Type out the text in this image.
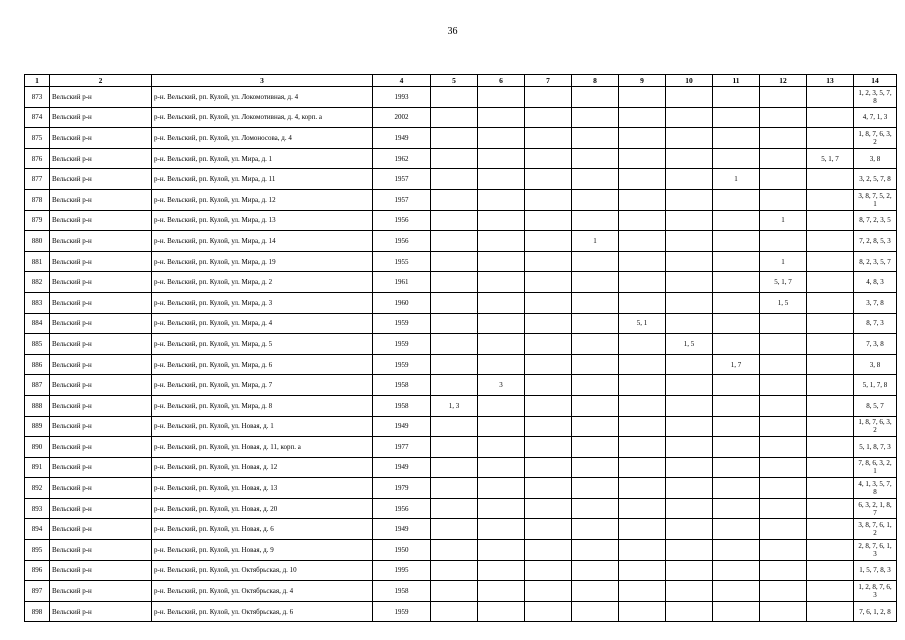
36
1	2	3	4	5	6	7	8	9	10	11	12	13	14
873	Вельский р-н	р-н. Вельский, рп. Кулой, ул. Локомотивная, д. 4	1993										1, 2, 3, 5, 7, 8
874	Вельский р-н	р-н. Вельский, рп. Кулой, ул. Локомотивная, д. 4, корп. а	2002										4, 7, 1, 3
875	Вельский р-н	р-н. Вельский, рп. Кулой, ул. Ломоносова, д. 4	1949										1, 8, 7, 6, 3, 2
876	Вельский р-н	р-н. Вельский, рп. Кулой, ул. Мира, д. 1	1962									5, 1, 7	3, 8
877	Вельский р-н	р-н. Вельский, рп. Кулой, ул. Мира, д. 11	1957							1			3, 2, 5, 7, 8
878	Вельский р-н	р-н. Вельский, рп. Кулой, ул. Мира, д. 12	1957										3, 8, 7, 5, 2, 1
879	Вельский р-н	р-н. Вельский, рп. Кулой, ул. Мира, д. 13	1956								1		8, 7, 2, 3, 5
880	Вельский р-н	р-н. Вельский, рп. Кулой, ул. Мира, д. 14	1956				1						7, 2, 8, 5, 3
881	Вельский р-н	р-н. Вельский, рп. Кулой, ул. Мира, д. 19	1955								1		8, 2, 3, 5, 7
882	Вельский р-н	р-н. Вельский, рп. Кулой, ул. Мира, д. 2	1961								5, 1, 7		4, 8, 3
883	Вельский р-н	р-н. Вельский, рп. Кулой, ул. Мира, д. 3	1960								1, 5		3, 7, 8
884	Вельский р-н	р-н. Вельский, рп. Кулой, ул. Мира, д. 4	1959					5, 1					8, 7, 3
885	Вельский р-н	р-н. Вельский, рп. Кулой, ул. Мира, д. 5	1959						1, 5				7, 3, 8
886	Вельский р-н	р-н. Вельский, рп. Кулой, ул. Мира, д. 6	1959							1, 7			3, 8
887	Вельский р-н	р-н. Вельский, рп. Кулой, ул. Мира, д. 7	1958		3								5, 1, 7, 8
888	Вельский р-н	р-н. Вельский, рп. Кулой, ул. Мира, д. 8	1958	1, 3									8, 5, 7
889	Вельский р-н	р-н. Вельский, рп. Кулой, ул. Новая, д. 1	1949										1, 8, 7, 6, 3, 2
890	Вельский р-н	р-н. Вельский, рп. Кулой, ул. Новая, д. 11, корп. а	1977										5, 1, 8, 7, 3
891	Вельский р-н	р-н. Вельский, рп. Кулой, ул. Новая, д. 12	1949										7, 8, 6, 3, 2, 1
892	Вельский р-н	р-н. Вельский, рп. Кулой, ул. Новая, д. 13	1979										4, 1, 3, 5, 7, 8
893	Вельский р-н	р-н. Вельский, рп. Кулой, ул. Новая, д. 20	1956										6, 3, 2, 1, 8, 7
894	Вельский р-н	р-н. Вельский, рп. Кулой, ул. Новая, д. 6	1949										3, 8, 7, 6, 1, 2
895	Вельский р-н	р-н. Вельский, рп. Кулой, ул. Новая, д. 9	1950										2, 8, 7, 6, 1, 3
896	Вельский р-н	р-н. Вельский, рп. Кулой, ул. Октябрьская, д. 10	1995										1, 5, 7, 8, 3
897	Вельский р-н	р-н. Вельский, рп. Кулой, ул. Октябрьская, д. 4	1958										1, 2, 8, 7, 6, 3
898	Вельский р-н	р-н. Вельский, рп. Кулой, ул. Октябрьская, д. 6	1959										7, 6, 1, 2, 8
